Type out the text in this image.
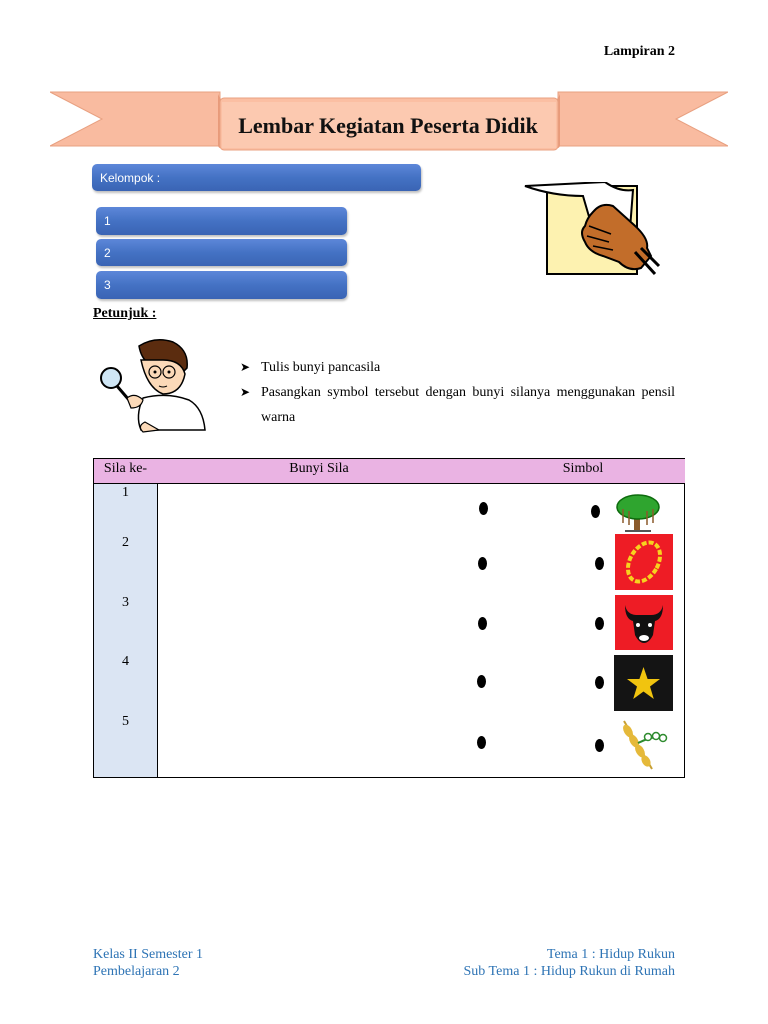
Lampiran 2
Lembar Kegiatan Peserta Didik
Kelompok :
1
2
3
Petunjuk :
➤ Tulis bunyi pancasila
➤ Pasangkan symbol tersebut dengan bunyi silanya menggunakan pensil warna
Sila ke-	Bunyi Sila	Simbol
1
2
3
4
5
Kelas II Semester 1
Pembelajaran 2
Tema 1 : Hidup Rukun
Sub Tema 1 : Hidup Rukun di Rumah
